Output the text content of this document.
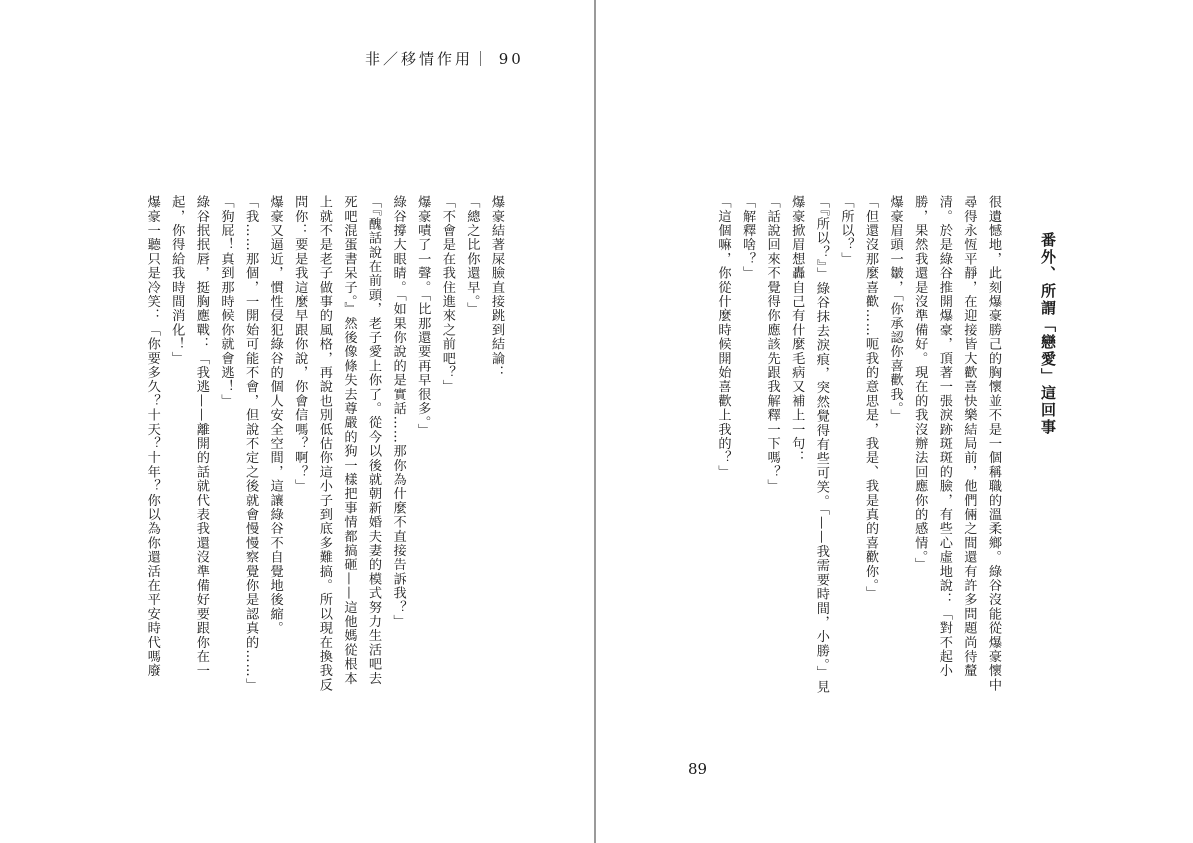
非／移情作用｜ 90
番外、所謂「戀愛」這回事

很遺憾地，此刻爆豪勝己的胸懷並不是一個稱職的溫柔鄉。綠谷沒能從爆豪懷中尋得永恆平靜，在迎接皆大歡喜快樂結局前，他們倆之間還有許多問題尚待釐清。於是綠谷推開爆豪，頂著一張淚跡斑斑的臉，有些心虛地說：「對不起小勝，果然我還是沒準備好。現在的我沒辦法回應你的感情。」

爆豪眉頭一皺，「你承認你喜歡我。」

「但還沒那麼喜歡……呃我的意思是，我是、我是真的喜歡你。」

「所以？」

「『所以？』」綠谷抹去淚痕，突然覺得有些可笑。「——我需要時間，小勝。」見爆豪掀眉想轟自己有什麼毛病又補上一句：

「話說回來不覺得你應該先跟我解釋一下嗎？」

「解釋啥？」

「這個嘛，你從什麼時候開始喜歡上我的？」

爆豪結著屎臉直接跳到結論：

「總之比你還早。」

「不會是在我住進來之前吧？」

爆豪嘖了一聲。「比那還要再早很多。」

綠谷撐大眼睛。「如果你說的是實話……那你為什麼不直接告訴我？」

「『醜話說在前頭，老子愛上你了。從今以後就朝新婚夫妻的模式努力生活吧去死吧混蛋書呆子。』然後像條失去尊嚴的狗一樣把事情都搞砸——這他媽從根本上就不是老子做事的風格，再說也別低估你這小子到底多難搞。所以現在換我反問你：要是我這麼早跟你說，你會信嗎？啊？」

爆豪又逼近，慣性侵犯綠谷的個人安全空間，這讓綠谷不自覺地後縮。

「我……那個，一開始可能不會，但說不定之後就會慢慢察覺你是認真的……」

「狗屁！真到那時候你就會逃！」

綠谷抿抿唇，挺胸應戰：「我逃——離開的話就代表我還沒準備好要跟你在一起，你得給我時間消化！」

爆豪一聽只是冷笑：「你要多久？十天？十年？你以為你還活在平安時代嗎廢

89
